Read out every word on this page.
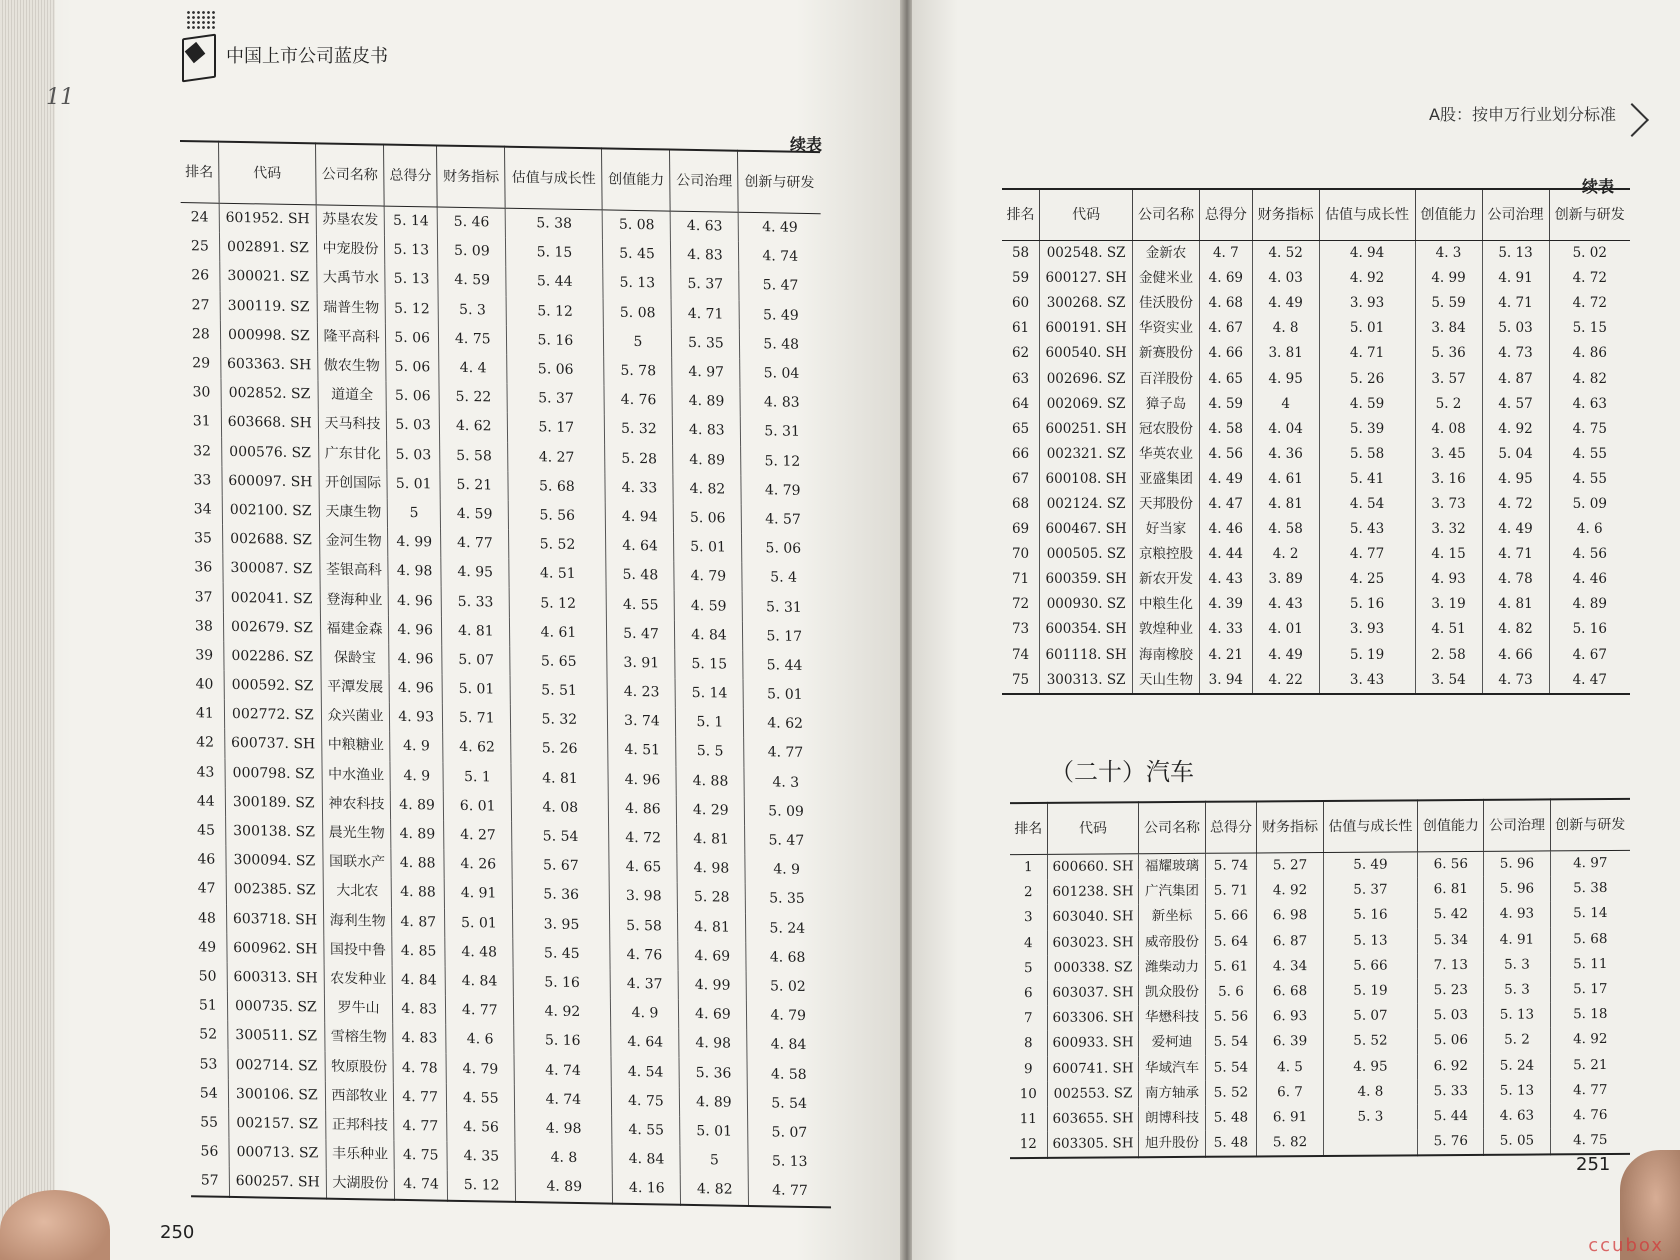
中国上市公司蓝皮书
11
续表
排名	代码	公司名称	总得分	财务指标	估值与成长性	创值能力	公司治理	创新与研发
24	601952. SH	苏垦农发	5. 14	5. 46	5. 38	5. 08	4. 63	4. 49
25	002891. SZ	中宠股份	5. 13	5. 09	5. 15	5. 45	4. 83	4. 74
26	300021. SZ	大禹节水	5. 13	4. 59	5. 44	5. 13	5. 37	5. 47
27	300119. SZ	瑞普生物	5. 12	5. 3	5. 12	5. 08	4. 71	5. 49
28	000998. SZ	隆平高科	5. 06	4. 75	5. 16	5	5. 35	5. 48
29	603363. SH	傲农生物	5. 06	4. 4	5. 06	5. 78	4. 97	5. 04
30	002852. SZ	道道全	5. 06	5. 22	5. 37	4. 76	4. 89	4. 83
31	603668. SH	天马科技	5. 03	4. 62	5. 17	5. 32	4. 83	5. 31
32	000576. SZ	广东甘化	5. 03	5. 58	4. 27	5. 28	4. 89	5. 12
33	600097. SH	开创国际	5. 01	5. 21	5. 68	4. 33	4. 82	4. 79
34	002100. SZ	天康生物	5	4. 59	5. 56	4. 94	5. 06	4. 57
35	002688. SZ	金河生物	4. 99	4. 77	5. 52	4. 64	5. 01	5. 06
36	300087. SZ	荃银高科	4. 98	4. 95	4. 51	5. 48	4. 79	5. 4
37	002041. SZ	登海种业	4. 96	5. 33	5. 12	4. 55	4. 59	5. 31
38	002679. SZ	福建金森	4. 96	4. 81	4. 61	5. 47	4. 84	5. 17
39	002286. SZ	保龄宝	4. 96	5. 07	5. 65	3. 91	5. 15	5. 44
40	000592. SZ	平潭发展	4. 96	5. 01	5. 51	4. 23	5. 14	5. 01
41	002772. SZ	众兴菌业	4. 93	5. 71	5. 32	3. 74	5. 1	4. 62
42	600737. SH	中粮糖业	4. 9	4. 62	5. 26	4. 51	5. 5	4. 77
43	000798. SZ	中水渔业	4. 9	5. 1	4. 81	4. 96	4. 88	4. 3
44	300189. SZ	神农科技	4. 89	6. 01	4. 08	4. 86	4. 29	5. 09
45	300138. SZ	晨光生物	4. 89	4. 27	5. 54	4. 72	4. 81	5. 47
46	300094. SZ	国联水产	4. 88	4. 26	5. 67	4. 65	4. 98	4. 9
47	002385. SZ	大北农	4. 88	4. 91	5. 36	3. 98	5. 28	5. 35
48	603718. SH	海利生物	4. 87	5. 01	3. 95	5. 58	4. 81	5. 24
49	600962. SH	国投中鲁	4. 85	4. 48	5. 45	4. 76	4. 69	4. 68
50	600313. SH	农发种业	4. 84	4. 84	5. 16	4. 37	4. 99	5. 02
51	000735. SZ	罗牛山	4. 83	4. 77	4. 92	4. 9	4. 69	4. 79
52	300511. SZ	雪榕生物	4. 83	4. 6	5. 16	4. 64	4. 98	4. 84
53	002714. SZ	牧原股份	4. 78	4. 79	4. 74	4. 54	5. 36	4. 58
54	300106. SZ	西部牧业	4. 77	4. 55	4. 74	4. 75	4. 89	5. 54
55	002157. SZ	正邦科技	4. 77	4. 56	4. 98	4. 55	5. 01	5. 07
56	000713. SZ	丰乐种业	4. 75	4. 35	4. 8	4. 84	5	5. 13
57	600257. SH	大湖股份	4. 74	5. 12	4. 89	4. 16	4. 82	4. 77
250
A股：按申万行业划分标准
续表
排名	代码	公司名称	总得分	财务指标	估值与成长性	创值能力	公司治理	创新与研发
58	002548. SZ	金新农	4. 7	4. 52	4. 94	4. 3	5. 13	5. 02
59	600127. SH	金健米业	4. 69	4. 03	4. 92	4. 99	4. 91	4. 72
60	300268. SZ	佳沃股份	4. 68	4. 49	3. 93	5. 59	4. 71	4. 72
61	600191. SH	华资实业	4. 67	4. 8	5. 01	3. 84	5. 03	5. 15
62	600540. SH	新赛股份	4. 66	3. 81	4. 71	5. 36	4. 73	4. 86
63	002696. SZ	百洋股份	4. 65	4. 95	5. 26	3. 57	4. 87	4. 82
64	002069. SZ	獐子岛	4. 59	4	4. 59	5. 2	4. 57	4. 63
65	600251. SH	冠农股份	4. 58	4. 04	5. 39	4. 08	4. 92	4. 75
66	002321. SZ	华英农业	4. 56	4. 36	5. 58	3. 45	5. 04	4. 55
67	600108. SH	亚盛集团	4. 49	4. 61	5. 41	3. 16	4. 95	4. 55
68	002124. SZ	天邦股份	4. 47	4. 81	4. 54	3. 73	4. 72	5. 09
69	600467. SH	好当家	4. 46	4. 58	5. 43	3. 32	4. 49	4. 6
70	000505. SZ	京粮控股	4. 44	4. 2	4. 77	4. 15	4. 71	4. 56
71	600359. SH	新农开发	4. 43	3. 89	4. 25	4. 93	4. 78	4. 46
72	000930. SZ	中粮生化	4. 39	4. 43	5. 16	3. 19	4. 81	4. 89
73	600354. SH	敦煌种业	4. 33	4. 01	3. 93	4. 51	4. 82	5. 16
74	601118. SH	海南橡胶	4. 21	4. 49	5. 19	2. 58	4. 66	4. 67
75	300313. SZ	天山生物	3. 94	4. 22	3. 43	3. 54	4. 73	4. 47
（二十）汽车
排名	代码	公司名称	总得分	财务指标	估值与成长性	创值能力	公司治理	创新与研发
1	600660. SH	福耀玻璃	5. 74	5. 27	5. 49	6. 56	5. 96	4. 97
2	601238. SH	广汽集团	5. 71	4. 92	5. 37	6. 81	5. 96	5. 38
3	603040. SH	新坐标	5. 66	6. 98	5. 16	5. 42	4. 93	5. 14
4	603023. SH	威帝股份	5. 64	6. 87	5. 13	5. 34	4. 91	5. 68
5	000338. SZ	潍柴动力	5. 61	4. 34	5. 66	7. 13	5. 3	5. 11
6	603037. SH	凯众股份	5. 6	6. 68	5. 19	5. 23	5. 3	5. 17
7	603306. SH	华懋科技	5. 56	6. 93	5. 07	5. 03	5. 13	5. 18
8	600933. SH	爱柯迪	5. 54	6. 39	5. 52	5. 06	5. 2	4. 92
9	600741. SH	华域汽车	5. 54	4. 5	4. 95	6. 92	5. 24	5. 21
10	002553. SZ	南方轴承	5. 52	6. 7	4. 8	5. 33	5. 13	4. 77
11	603655. SH	朗博科技	5. 48	6. 91	5. 3	5. 44	4. 63	4. 76
12	603305. SH	旭升股份	5. 48	5. 82		5. 76	5. 05	4. 75
251
ccubox
